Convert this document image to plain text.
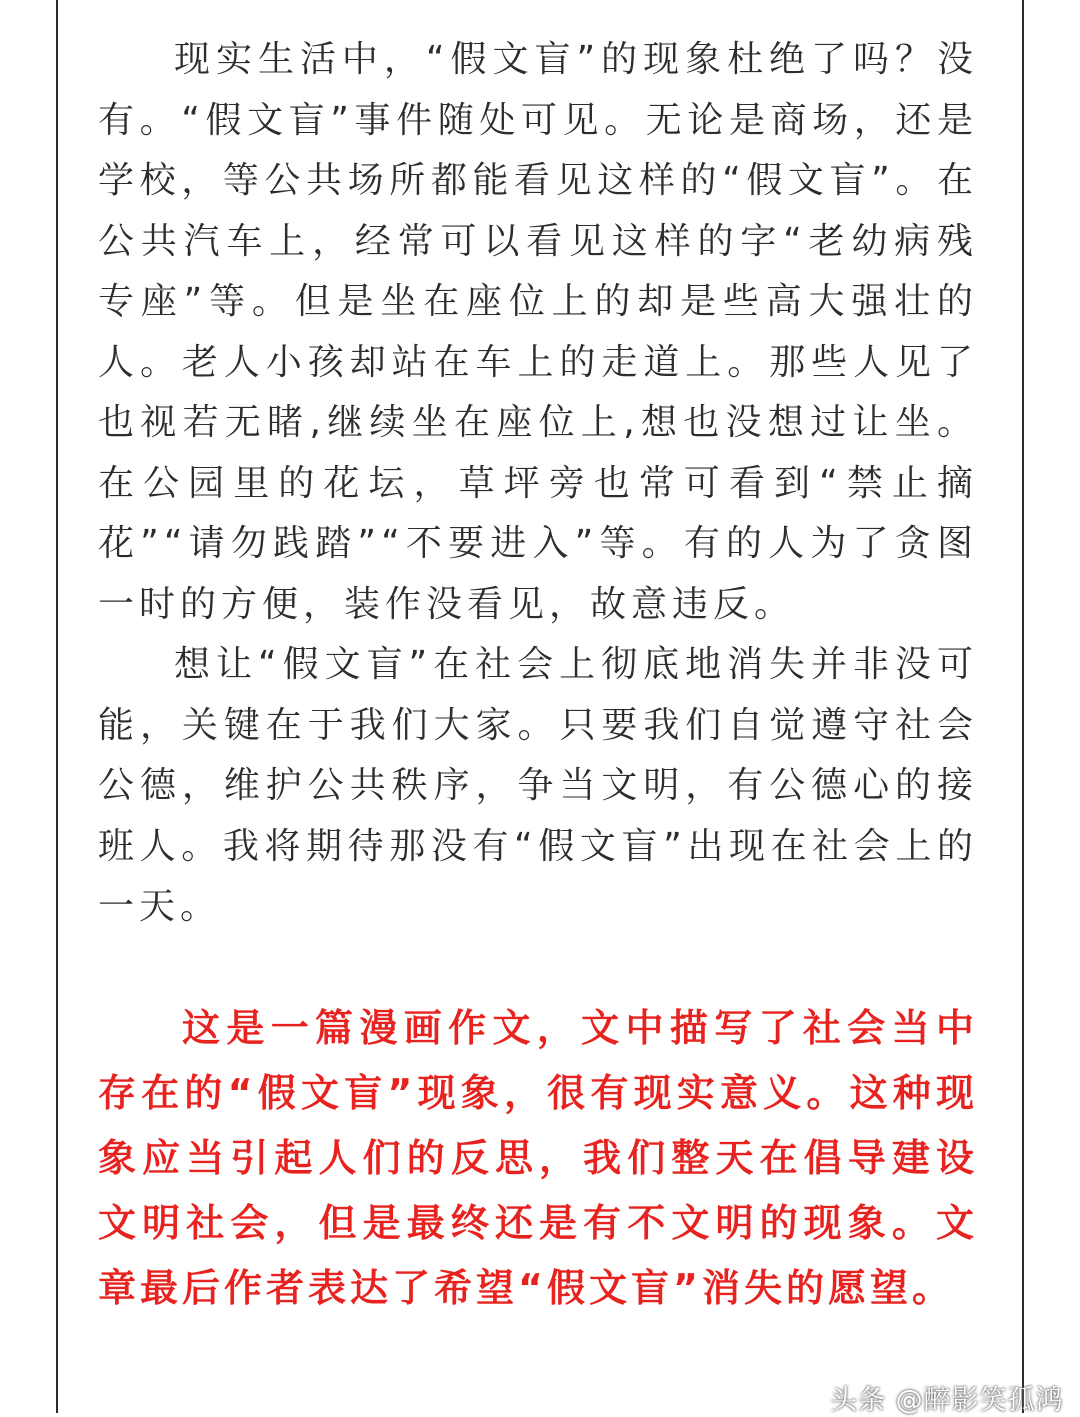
现实生活中，“假文盲”的现象杜绝了吗？没有。“假文盲”事件随处可见。无论是商场，还是学校，等公共场所都能看见这样的“假文盲”。在公共汽车上，经常可以看见这样的字“老幼病残专座”等。但是坐在座位上的却是些高大强壮的人。老人小孩却站在车上的走道上。那些人见了也视若无睹,继续坐在座位上,想也没想过让坐。在公园里的花坛，草坪旁也常可看到“禁止摘花”“请勿践踏”“不要进入”等。有的人为了贪图一时的方便，装作没看见，故意违反。

想让“假文盲”在社会上彻底地消失并非没可能，关键在于我们大家。只要我们自觉遵守社会公德，维护公共秩序，争当文明，有公德心的接班人。我将期待那没有“假文盲”出现在社会上的一天。

这是一篇漫画作文，文中描写了社会当中存在的“假文盲”现象，很有现实意义。这种现象应当引起人们的反思，我们整天在倡导建设文明社会，但是最终还是有不文明的现象。文章最后作者表达了希望“假文盲”消失的愿望。

头条 @醉影笑孤鸿
